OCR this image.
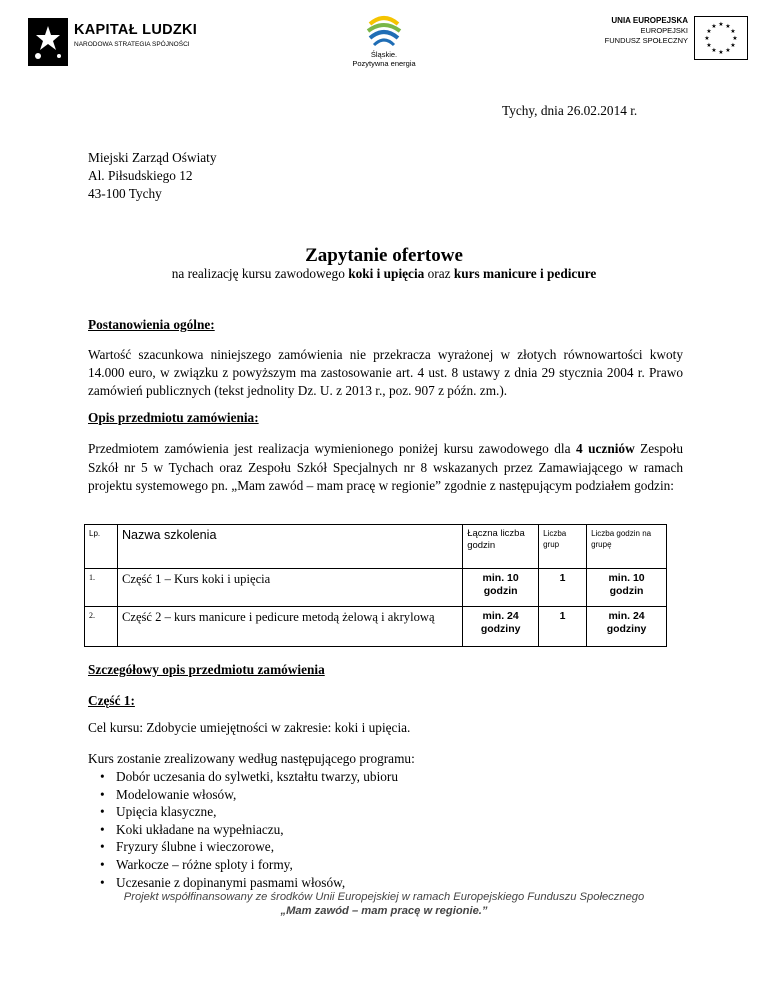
KAPITAŁ LUDZKI
NARODOWA STRATEGIA SPÓJNOŚCI
Śląskie.
Pozytywna energia
UNIA EUROPEJSKA
EUROPEJSKI
FUNDUSZ SPOŁECZNY
★ ★
★
★
★
★
★
★
★
★
★
★
Tychy, dnia 26.02.2014 r.
Miejski Zarząd Oświaty
Al. Piłsudskiego 12
43-100 Tychy
Zapytanie ofertowe
na realizację kursu zawodowego koki i upięcia oraz kurs manicure i pedicure
Postanowienia ogólne:
Wartość szacunkowa niniejszego zamówienia nie przekracza wyrażonej w złotych równowartości kwoty 14.000 euro, w związku z powyższym ma zastosowanie art. 4 ust. 8 ustawy z dnia 29 stycznia 2004 r. Prawo zamówień publicznych (tekst jednolity Dz. U. z 2013 r., poz. 907 z późn. zm.).
Opis przedmiotu zamówienia:
Przedmiotem zamówienia jest realizacja wymienionego poniżej kursu zawodowego dla 4 uczniów Zespołu Szkół nr 5 w Tychach oraz Zespołu Szkół Specjalnych nr 8 wskazanych przez Zamawiającego w ramach projektu systemowego pn. „Mam zawód – mam pracę w regionie” zgodnie z następującym podziałem godzin:
Lp.	Nazwa szkolenia	Łączna liczba godzin	Liczba grup	Liczba godzin na grupę
1.	Część 1 – Kurs koki i upięcia	min. 10 godzin	1	min. 10 godzin
2.	Część 2 – kurs manicure i pedicure metodą żelową i akrylową	min. 24 godziny	1	min. 24 godziny
Szczegółowy opis przedmiotu zamówienia
Część 1:
Cel kursu: Zdobycie umiejętności w zakresie: koki i upięcia.
Kurs zostanie zrealizowany według następującego programu:
• Dobór uczesania do sylwetki, kształtu twarzy, ubioru
• Modelowanie włosów,
• Upięcia klasyczne,
• Koki układane na wypełniaczu,
• Fryzury ślubne i wieczorowe,
• Warkocze – różne sploty i formy,
• Uczesanie z dopinanymi pasmami włosów,
Projekt współfinansowany ze środków Unii Europejskiej w ramach Europejskiego Funduszu Społecznego
„Mam zawód – mam pracę w regionie.”
